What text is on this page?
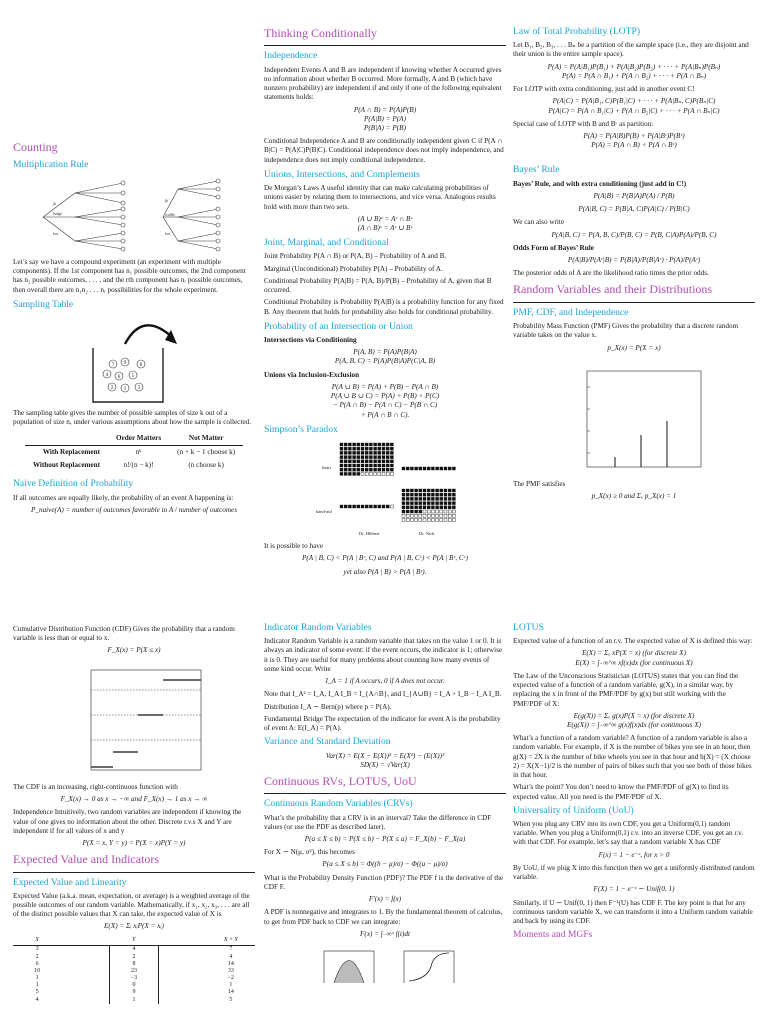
Counting
Multiplication Rule
jb
fudge
kor
jb
waffle
kor

Let’s say we have a compound experiment (an experiment with multiple components). If the 1st component has n₁ possible outcomes, the 2nd component has n₂ possible outcomes, . . . , and the rth component has nᵣ possible outcomes, then overall there are n₁n₂ . . . nᵣ possibilities for the whole experiment.

Sampling Table
7 9	8
4 6 5
2 1 3

The sampling table gives the number of possible samples of size k out of a population of size n, under various assumptions about how the sample is collected.

	Order Matters	Not Matter
With Replacement	nᵏ	(n + k − 1 choose k)
Without Replacement	n!/(n − k)!	(n choose k)
Naive Definition of Probability

If all outcomes are equally likely, the probability of an event A happening is:

P_naive(A) = number of outcomes favorable to A / number of outcomes

Cumulative Distribution Function (CDF) Gives the probability that a random variable is less than or equal to x.

F_X(x) = P(X ≤ x)

The CDF is an increasing, right-continuous function with

F_X(x) → 0 as x → −∞ and F_X(x) → 1 as x → ∞

Independence Intuitively, two random variables are independent if knowing the value of one gives no information about the other. Discrete r.v.s X and Y are independent if for all values of x and y

P(X = x, Y = y) = P(X = x)P(Y = y)
Expected Value and Indicators
Expected Value and Linearity

Expected Value (a.k.a. mean, expectation, or average) is a weighted average of the possible outcomes of our random variable. Mathematically, if x₁, x₂, x₃, . . . are all of the distinct possible values that X can take, the expected value of X is

E(X) = Σᵢ xᵢP(X = xᵢ)
X		Y		X + Y
3		4		7
2		2		4
6		8		14
10		23		33
1		−3		−2
1		0		1
5		9		14
4		1		5
Thinking Conditionally
Independence

Independent Events A and B are independent if knowing whether A occurred gives no information about whether B occurred. More formally, A and B (which have nonzero probability) are independent if and only if one of the following equivalent statements holds:

P(A ∩ B) = P(A)P(B)
P(A|B) = P(A)
P(B|A) = P(B)

Conditional Independence A and B are conditionally independent given C if P(A ∩ B|C) = P(A|C)P(B|C). Conditional independence does not imply independence, and independence does not imply conditional independence.

Unions, Intersections, and Complements

De Morgan’s Laws A useful identity that can make calculating probabilities of unions easier by relating them to intersections, and vice versa. Analogous results hold with more than two sets.

(A ∪ B)ᶜ = Aᶜ ∩ Bᶜ
(A ∩ B)ᶜ = Aᶜ ∪ Bᶜ
Joint, Marginal, and Conditional

Joint Probability P(A ∩ B) or P(A, B) – Probability of A and B.

Marginal (Unconditional) Probability P(A) – Probability of A.

Conditional Probability P(A|B) = P(A, B)/P(B) – Probability of A, given that B occurred.

Conditional Probability is Probability P(A|B) is a probability function for any fixed B. Any theorem that holds for probability also holds for conditional probability.

Probability of an Intersection or Union

Intersections via Conditioning

P(A, B) = P(A)P(B|A)
P(A, B, C) = P(A)P(B|A)P(C|A, B)

Unions via Inclusion-Exclusion

P(A ∪ B) = P(A) + P(B) − P(A ∩ B)
P(A ∪ B ∪ C) = P(A) + P(B) + P(C)
− P(A ∩ B) − P(A ∩ C) − P(B ∩ C)
+ P(A ∩ B ∩ C).
Simpson’s Paradox
heart
band-aid
Dr. Hibbert	Dr. Nick

It is possible to have

P(A | B, C) < P(A | Bᶜ, C) and P(A | B, Cᶜ) < P(A | Bᶜ, Cᶜ)
yet also P(A | B) > P(A | Bᶜ).
Indicator Random Variables

Indicator Random Variable is a random variable that takes on the value 1 or 0. It is always an indicator of some event: if the event occurs, the indicator is 1; otherwise it is 0. They are useful for many problems about counting how many events of some kind occur. Write

I_A = 1 if A occurs, 0 if A does not occur.

Note that I_A² = I_A, I_A I_B = I_{A∩B}, and I_{A∪B} = I_A + I_B − I_A I_B.

Distribution I_A ∼ Bern(p) where p = P(A).

Fundamental Bridge The expectation of the indicator for event A is the probability of event A: E(I_A) = P(A).

Variance and Standard Deviation
Var(X) = E(X − E(X))² = E(X²) − (E(X))²
SD(X) = √Var(X)
Continuous RVs, LOTUS, UoU
Continuous Random Variables (CRVs)

What’s the probability that a CRV is in an interval? Take the difference in CDF values (or use the PDF as described later).

P(a ≤ X ≤ b) = P(X ≤ b) − P(X ≤ a) = F_X(b) − F_X(a)

For X ∼ N(μ, σ²), this becomes

P(a ≤ X ≤ b) = Φ((b − μ)/σ) − Φ((a − μ)/σ)

What is the Probability Density Function (PDF)? The PDF f is the derivative of the CDF F.

F′(x) = f(x)

A PDF is nonnegative and integrates to 1. By the fundamental theorem of calculus, to get from PDF back to CDF we can integrate:

F(x) = ∫₋∞ˣ f(t)dt
Law of Total Probability (LOTP)

Let B₁, B₂, B₃, . . . Bₙ be a partition of the sample space (i.e., they are disjoint and their union is the entire sample space).

P(A) = P(A|B₁)P(B₁) + P(A|B₂)P(B₂) + · · · + P(A|Bₙ)P(Bₙ)
P(A) = P(A ∩ B₁) + P(A ∩ B₂) + · · · + P(A ∩ Bₙ)

For LOTP with extra conditioning, just add in another event C!

P(A|C) = P(A|B₁, C)P(B₁|C) + · · · + P(A|Bₙ, C)P(Bₙ|C)
P(A|C) = P(A ∩ B₁|C) + P(A ∩ B₂|C) + · · · + P(A ∩ Bₙ|C)

Special case of LOTP with B and Bᶜ as partition:

P(A) = P(A|B)P(B) + P(A|Bᶜ)P(Bᶜ)
P(A) = P(A ∩ B) + P(A ∩ Bᶜ)
Bayes’ Rule

Bayes’ Rule, and with extra conditioning (just add in C!)

P(A|B) = P(B|A)P(A) / P(B)
P(A|B, C) = P(B|A, C)P(A|C) / P(B|C)

We can also write

P(A|B, C) = P(A, B, C)/P(B, C) = P(B, C|A)P(A)/P(B, C)

Odds Form of Bayes’ Rule

P(A|B)/P(Aᶜ|B) = P(B|A)/P(B|Aᶜ) · P(A)/P(Aᶜ)

The posterior odds of A are the likelihood ratio times the prior odds.

Random Variables and their Distributions
PMF, CDF, and Independence

Probability Mass Function (PMF) Gives the probability that a discrete random variable takes on the value x.

p_X(x) = P(X = x)

The PMF satisfies

p_X(x) ≥ 0 and Σₓ p_X(x) = 1
LOTUS

Expected value of a function of an r.v. The expected value of X is defined this way:

E(X) = Σₓ xP(X = x) (for discrete X)
E(X) = ∫₋∞^∞ xf(x)dx (for continuous X)

The Law of the Unconscious Statistician (LOTUS) states that you can find the expected value of a function of a random variable, g(X), in a similar way, by replacing the x in front of the PMF/PDF by g(x) but still working with the PMF/PDF of X:

E(g(X)) = Σₓ g(x)P(X = x) (for discrete X)
E(g(X)) = ∫₋∞^∞ g(x)f(x)dx (for continuous X)

What’s a function of a random variable? A function of a random variable is also a random variable. For example, if X is the number of bikes you see in an hour, then g(X) = 2X is the number of bike wheels you see in that hour and h(X) = (X choose 2) = X(X−1)/2 is the number of pairs of bikes such that you see both of those bikes in that hour.

What’s the point? You don’t need to know the PMF/PDF of g(X) to find its expected value. All you need is the PMF/PDF of X.

Universality of Uniform (UoU)

When you plug any CRV into its own CDF, you get a Uniform(0,1) random variable. When you plug a Uniform(0,1) r.v. into an inverse CDF, you get an r.v. with that CDF. For example, let’s say that a random variable X has CDF

F(x) = 1 − e⁻ˣ, for x > 0

By UoU, if we plug X into this function then we get a uniformly distributed random variable.

F(X) = 1 − e⁻ˣ ∼ Unif(0, 1)

Similarly, if U ∼ Unif(0, 1) then F⁻¹(U) has CDF F. The key point is that for any continuous random variable X, we can transform it into a Uniform random variable and back by using its CDF.

Moments and MGFs
